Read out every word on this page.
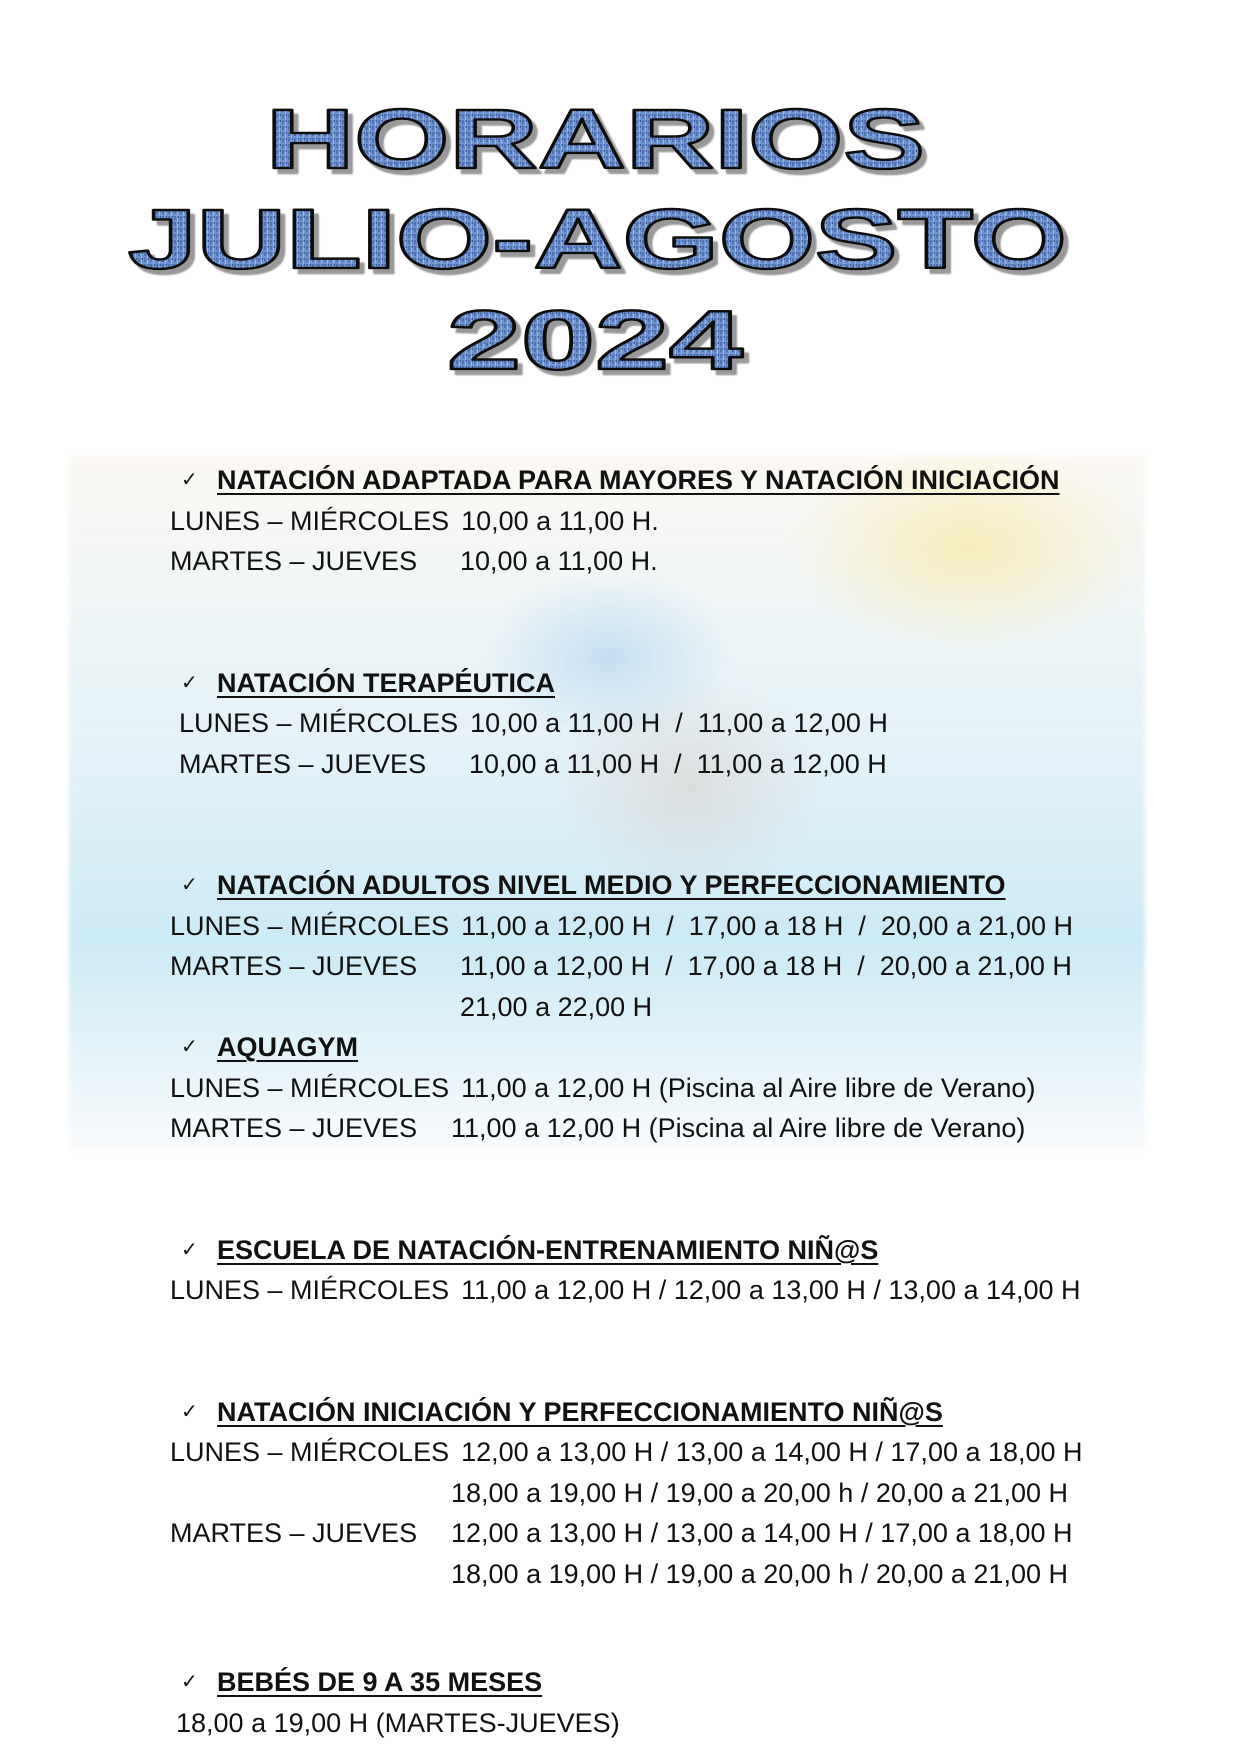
HORARIOS
JULIO-AGOSTO
2024
✓ NATACIÓN ADAPTADA PARA MAYORES Y NATACIÓN INICIACIÓN
LUNES – MIÉRCOLES 10,00 a 11,00 H.
MARTES – JUEVES	10,00 a 11,00 H.
✓ NATACIÓN TERAPÉUTICA
LUNES – MIÉRCOLES 10,00 a 11,00 H  /  11,00 a 12,00 H
MARTES – JUEVES	10,00 a 11,00 H  /  11,00 a 12,00 H
✓ NATACIÓN ADULTOS NIVEL MEDIO Y PERFECCIONAMIENTO
LUNES – MIÉRCOLES 11,00 a 12,00 H  /  17,00 a 18 H  /  20,00 a 21,00 H
MARTES – JUEVES	11,00 a 12,00 H  /  17,00 a 18 H  /  20,00 a 21,00 H
21,00 a 22,00 H
✓ AQUAGYM
LUNES – MIÉRCOLES 11,00 a 12,00 H (Piscina al Aire libre de Verano)
MARTES – JUEVES	11,00 a 12,00 H (Piscina al Aire libre de Verano)
✓ ESCUELA DE NATACIÓN-ENTRENAMIENTO NIÑ@S
LUNES – MIÉRCOLES 11,00 a 12,00 H / 12,00 a 13,00 H / 13,00 a 14,00 H
✓ NATACIÓN INICIACIÓN Y PERFECCIONAMIENTO NIÑ@S
LUNES – MIÉRCOLES 12,00 a 13,00 H / 13,00 a 14,00 H / 17,00 a 18,00 H
18,00 a 19,00 H / 19,00 a 20,00 h / 20,00 a 21,00 H
MARTES – JUEVES	12,00 a 13,00 H / 13,00 a 14,00 H / 17,00 a 18,00 H
18,00 a 19,00 H / 19,00 a 20,00 h / 20,00 a 21,00 H
✓ BEBÉS DE 9 A 35 MESES
18,00 a 19,00 H (MARTES-JUEVES)
